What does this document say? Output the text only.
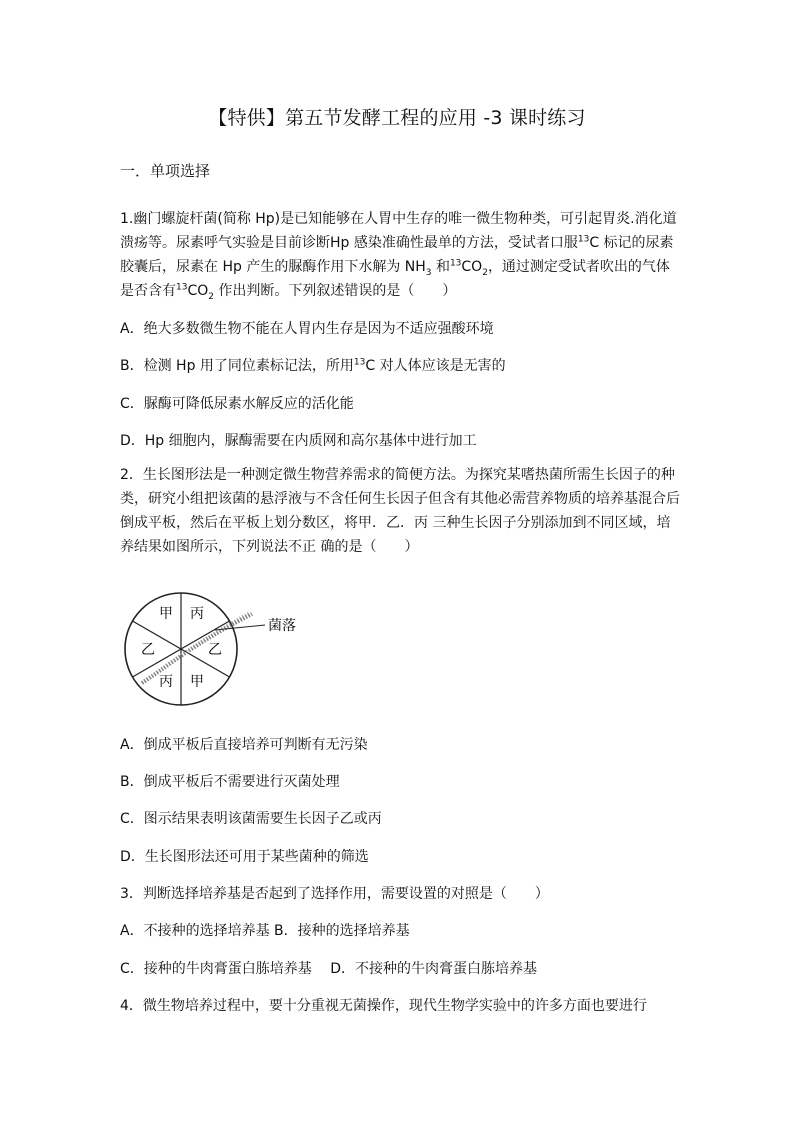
【特供】第五节发酵工程的应用 -3 课时练习
一．单项选择
1.幽门螺旋杆菌(简称 Hp)是已知能够在人胃中生存的唯一微生物种类，可引起胃炎.消化道溃疡等。尿素呼气实验是目前诊断Hp 感染准确性最单的方法，受试者口服$^{13}$C 标记的尿素胶囊后，尿素在 Hp 产生的脲酶作用下水解为 $NH_3$ 和$^{13}CO_2$，通过测定受试者吹出的气体是否含有$^{13}CO_2$ 作出判断。下列叙述错误的是（　　）
A．绝大多数微生物不能在人胃内生存是因为不适应强酸环境
B．检测 Hp 用了同位素标记法，所用$^{13}$C 对人体应该是无害的
C．脲酶可降低尿素水解反应的活化能
D．Hp 细胞内，脲酶需要在内质网和高尔基体中进行加工
2．生长图形法是一种测定微生物营养需求的简便方法。为探究某嗜热菌所需生长因子的种 类，研究小组把该菌的悬浮液与不含任何生长因子但含有其他必需营养物质的培养基混合后倒成平板，然后在平板上划分数区，将甲．乙．丙 三种生长因子分别添加到不同区域，培养结果如图所示，下列说法不正 确的是（　　）
菌落
甲 丙
乙
甲
丙
乙
A．倒成平板后直接培养可判断有无污染
B．倒成平板后不需要进行灭菌处理
C．图示结果表明该菌需要生长因子乙或丙
D．生长图形法还可用于某些菌种的筛选
3．判断选择培养基是否起到了选择作用，需要设置的对照是（　　）
A．不接种的选择培养基 B．接种的选择培养基
C．接种的牛肉膏蛋白胨培养基　 D．不接种的牛肉膏蛋白胨培养基
4．微生物培养过程中，要十分重视无菌操作，现代生物学实验中的许多方面也要进行
